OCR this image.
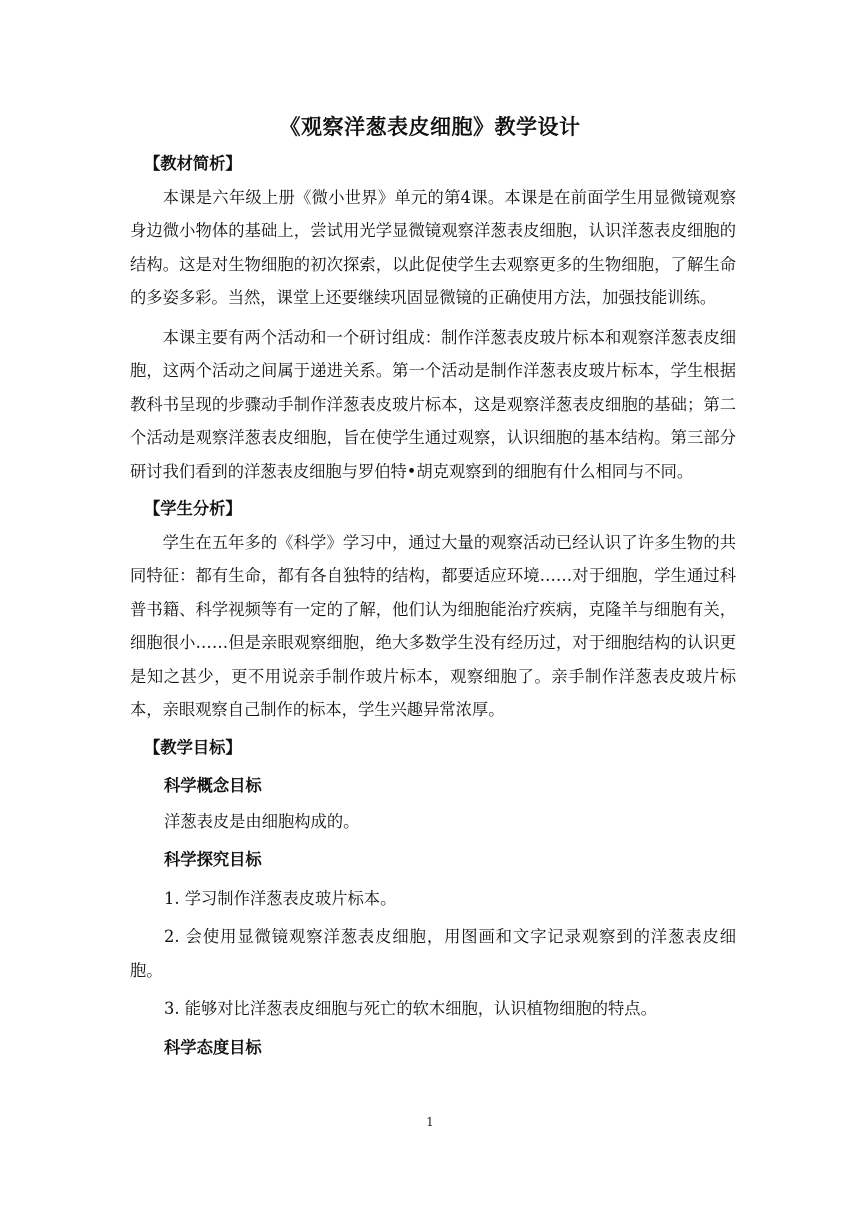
《观察洋葱表皮细胞》教学设计

【教材简析】

本课是六年级上册《微小世界》单元的第4课。本课是在前面学生用显微镜观察身边微小物体的基础上，尝试用光学显微镜观察洋葱表皮细胞，认识洋葱表皮细胞的结构。这是对生物细胞的初次探索，以此促使学生去观察更多的生物细胞，了解生命的多姿多彩。当然，课堂上还要继续巩固显微镜的正确使用方法，加强技能训练。

本课主要有两个活动和一个研讨组成：制作洋葱表皮玻片标本和观察洋葱表皮细胞，这两个活动之间属于递进关系。第一个活动是制作洋葱表皮玻片标本，学生根据教科书呈现的步骤动手制作洋葱表皮玻片标本，这是观察洋葱表皮细胞的基础；第二个活动是观察洋葱表皮细胞，旨在使学生通过观察，认识细胞的基本结构。第三部分研讨我们看到的洋葱表皮细胞与罗伯特•胡克观察到的细胞有什么相同与不同。

【学生分析】

学生在五年多的《科学》学习中，通过大量的观察活动已经认识了许多生物的共同特征：都有生命，都有各自独特的结构，都要适应环境……对于细胞，学生通过科普书籍、科学视频等有一定的了解，他们认为细胞能治疗疾病，克隆羊与细胞有关，细胞很小……但是亲眼观察细胞，绝大多数学生没有经历过，对于细胞结构的认识更是知之甚少，更不用说亲手制作玻片标本，观察细胞了。亲手制作洋葱表皮玻片标本，亲眼观察自己制作的标本，学生兴趣异常浓厚。

【教学目标】

科学概念目标

洋葱表皮是由细胞构成的。

科学探究目标

1. 学习制作洋葱表皮玻片标本。

2. 会使用显微镜观察洋葱表皮细胞，用图画和文字记录观察到的洋葱表皮细胞。

3. 能够对比洋葱表皮细胞与死亡的软木细胞，认识植物细胞的特点。

科学态度目标

1
